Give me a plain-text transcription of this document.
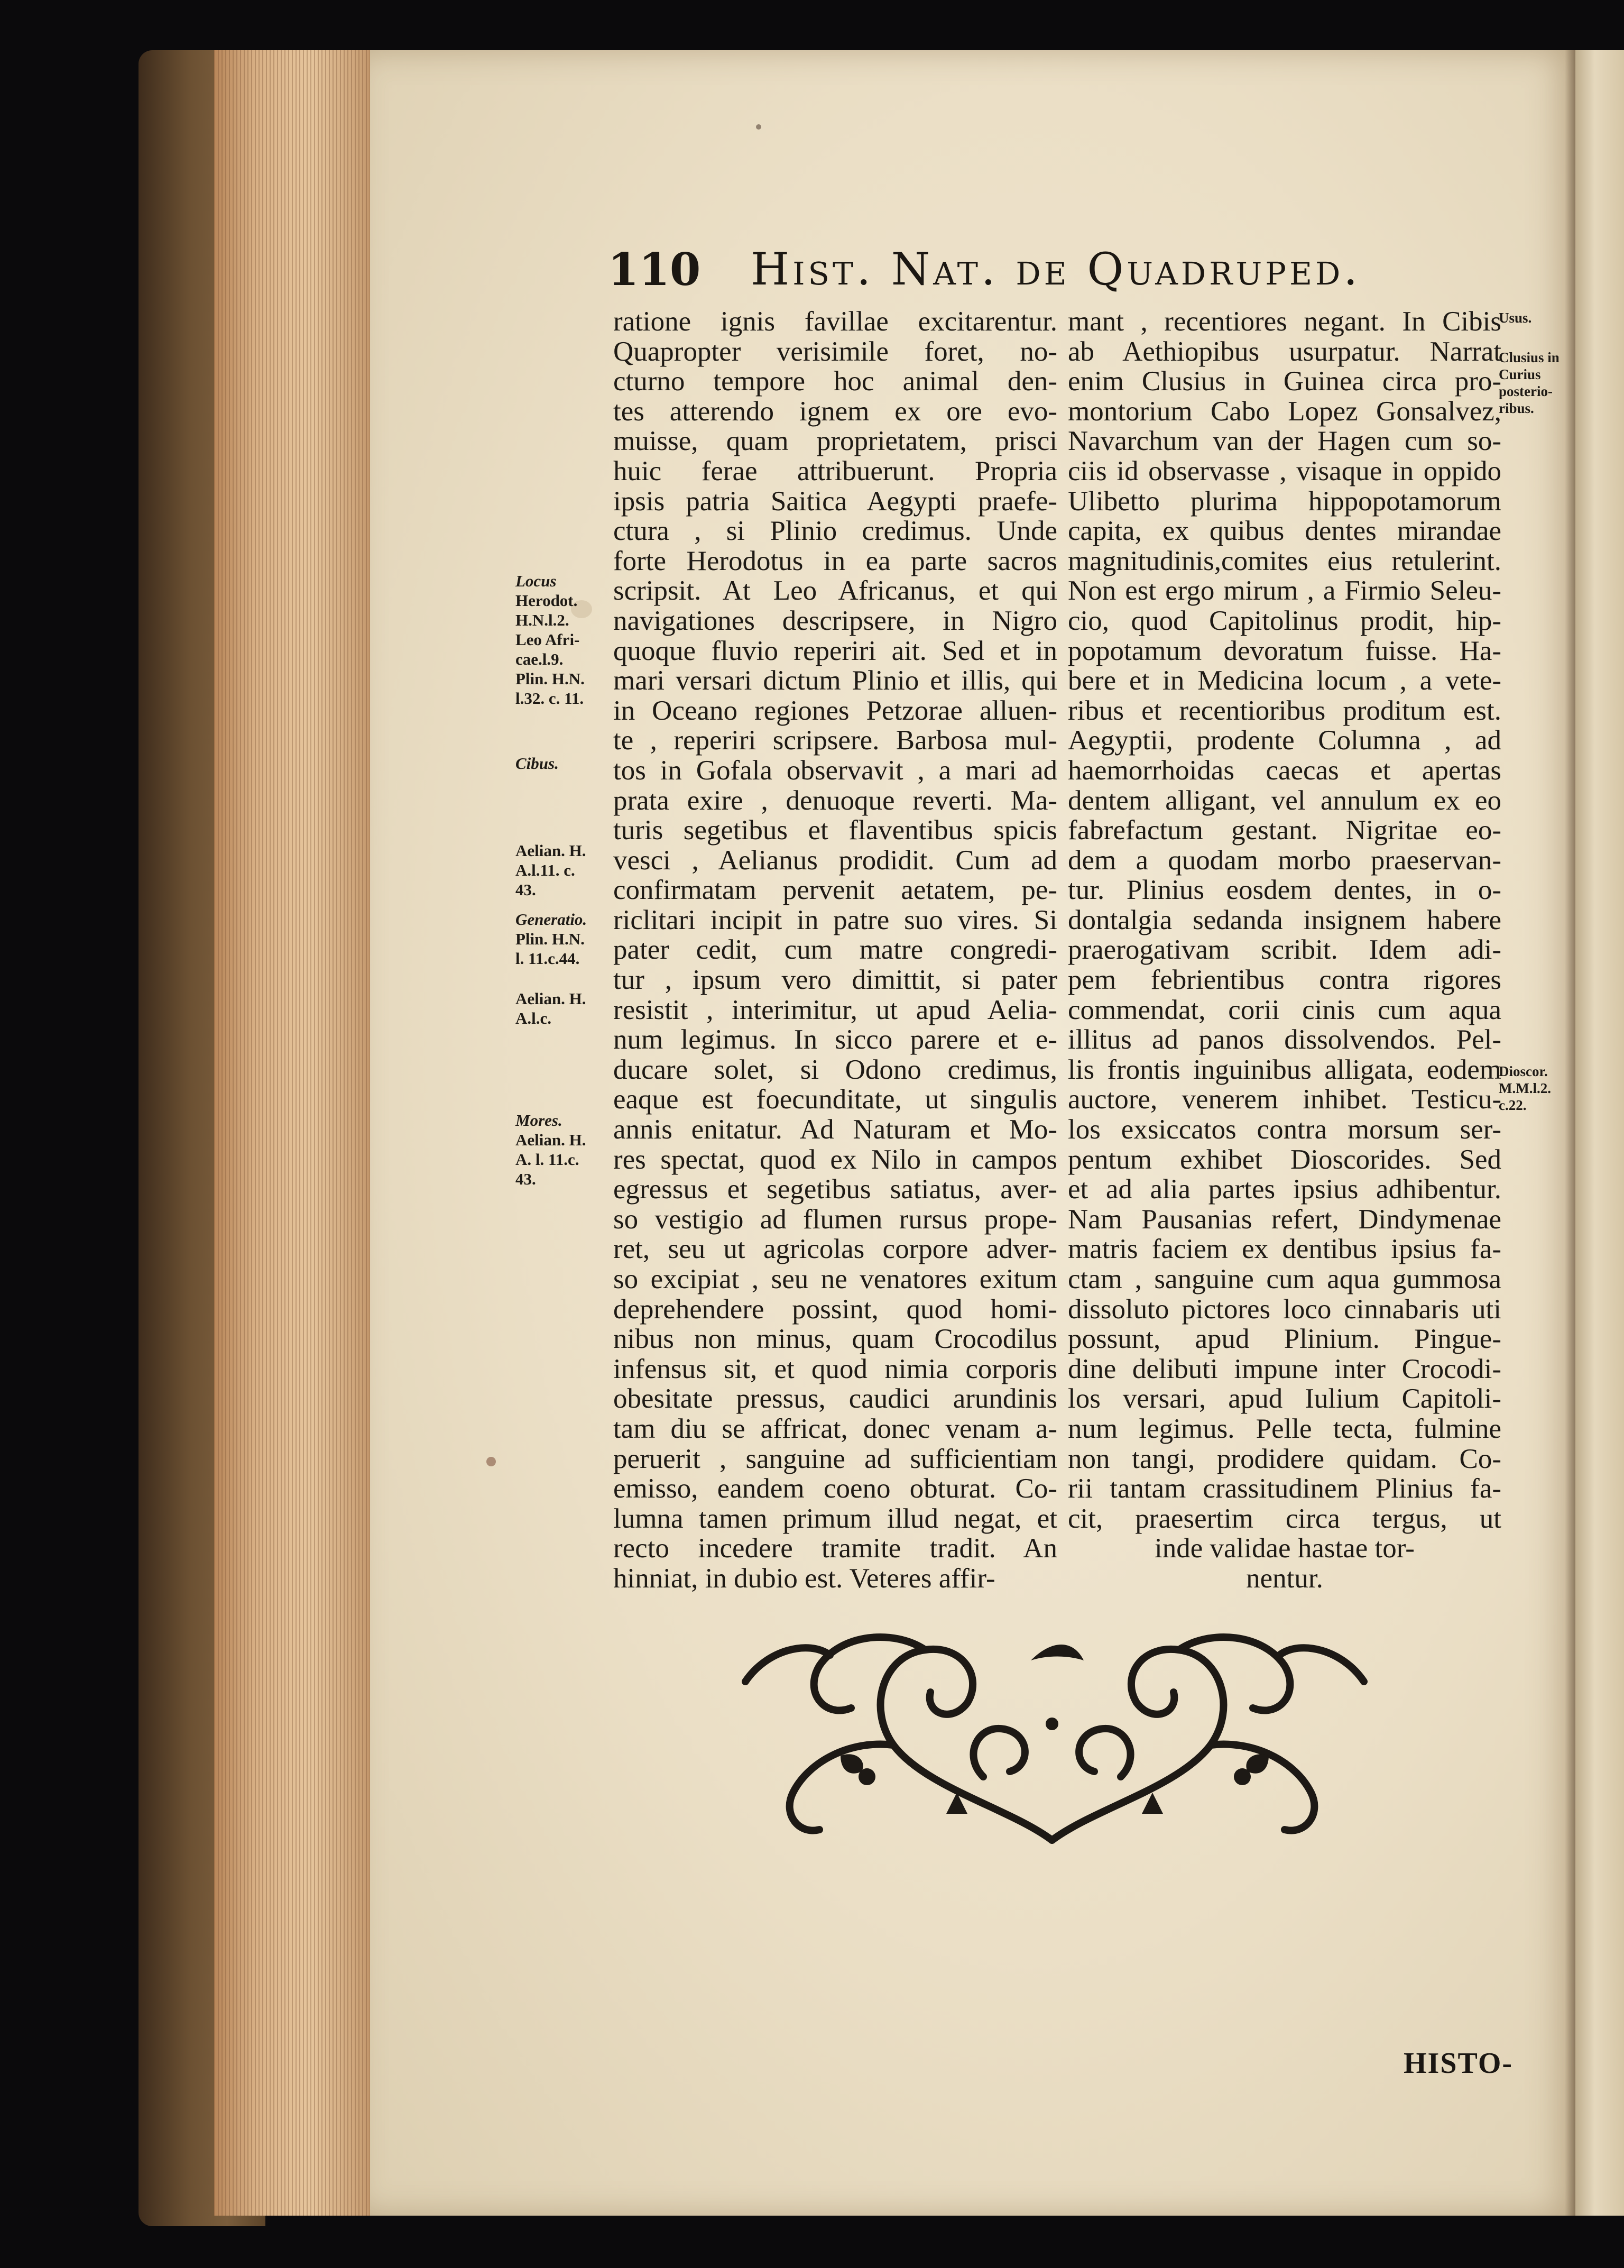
110 Hist. Nat. de Quadruped.
ratione ignis favillae excitarentur.
Quapropter verisimile foret, no-
cturno tempore hoc animal den-
tes atterendo ignem ex ore evo-
muisse, quam proprietatem, prisci
huic ferae attribuerunt. Propria
ipsis patria Saitica Aegypti praefe-
ctura , si Plinio credimus. Unde
forte Herodotus in ea parte sacros
scripsit. At Leo Africanus, et qui
navigationes descripsere, in Nigro
quoque fluvio reperiri ait. Sed et in
mari versari dictum Plinio et illis, qui
in Oceano regiones Petzorae alluen-
te , reperiri scripsere. Barbosa mul-
tos in Gofala observavit , a mari ad
prata exire , denuoque reverti. Ma-
turis segetibus et flaventibus spicis
vesci , Aelianus prodidit. Cum ad
confirmatam pervenit aetatem, pe-
riclitari incipit in patre suo vires. Si
pater cedit, cum matre congredi-
tur , ipsum vero dimittit, si pater
resistit , interimitur, ut apud Aelia-
num legimus. In sicco parere et e-
ducare solet, si Odono credimus,
eaque est foecunditate, ut singulis
annis enitatur. Ad Naturam et Mo-
res spectat, quod ex Nilo in campos
egressus et segetibus satiatus, aver-
so vestigio ad flumen rursus prope-
ret, seu ut agricolas corpore adver-
so excipiat , seu ne venatores exitum
deprehendere possint, quod homi-
nibus non minus, quam Crocodilus
infensus sit, et quod nimia corporis
obesitate pressus, caudici arundinis
tam diu se affricat, donec venam a-
peruerit , sanguine ad sufficientiam
emisso, eandem coeno obturat. Co-
lumna tamen primum illud negat, et
recto incedere tramite tradit. An
hinniat, in dubio est. Veteres affir-
mant , recentiores negant. In Cibis
ab Aethiopibus usurpatur. Narrat
enim Clusius in Guinea circa pro-
montorium Cabo Lopez Gonsalvez,
Navarchum van der Hagen cum so-
ciis id observasse , visaque in oppido
Ulibetto plurima hippopotamorum
capita, ex quibus dentes mirandae
magnitudinis,comites eius retulerint.
Non est ergo mirum , a Firmio Seleu-
cio, quod Capitolinus prodit, hip-
popotamum devoratum fuisse. Ha-
bere et in Medicina locum , a vete-
ribus et recentioribus proditum est.
Aegyptii, prodente Columna , ad
haemorrhoidas caecas et apertas
dentem alligant, vel annulum ex eo
fabrefactum gestant. Nigritae eo-
dem a quodam morbo praeservan-
tur. Plinius eosdem dentes, in o-
dontalgia sedanda insignem habere
praerogativam scribit. Idem adi-
pem febrientibus contra rigores
commendat, corii cinis cum aqua
illitus ad panos dissolvendos. Pel-
lis frontis inguinibus alligata, eodem
auctore, venerem inhibet. Testicu-
los exsiccatos contra morsum ser-
pentum exhibet Dioscorides. Sed
et ad alia partes ipsius adhibentur.
Nam Pausanias refert, Dindymenae
matris faciem ex dentibus ipsius fa-
ctam , sanguine cum aqua gummosa
dissoluto pictores loco cinnabaris uti
possunt, apud Plinium. Pingue-
dine delibuti impune inter Crocodi-
los versari, apud Iulium Capitoli-
num legimus. Pelle tecta, fulmine
non tangi, prodidere quidam. Co-
rii tantam crassitudinem Plinius fa-
cit, praesertim circa tergus, ut
inde validae hastae tor-
nentur.
Locus
Herodot.
H.N.l.2.
Leo Afri-
cae.l.9.
Plin. H.N.
l.32. c. 11.
Cibus.
Aelian. H.
A.l.11. c.
43.
Generatio.
Plin. H.N.
l. 11.c.44.
Aelian. H.
A.l.c.
Mores.
Aelian. H.
A. l. 11.c.
43.
Usus.
Clusius in
Curius
posterio-
ribus.
Dioscor.
M.M.l.2.
c.22.
HISTO-
